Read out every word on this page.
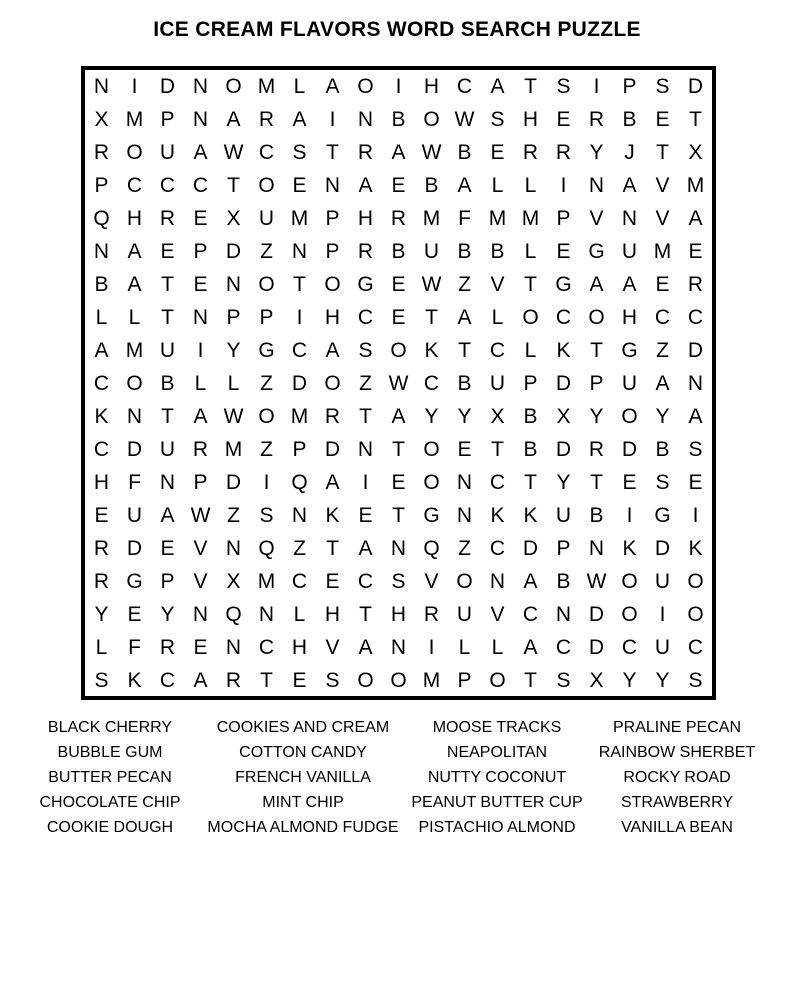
ICE CREAM FLAVORS WORD SEARCH PUZZLE
N	I	D N O M L A O	I	H C A T S	I	P S D
X M P N A R A	I	N B O W S H E R B E T
R O U A W C S T R A W B E R R Y J	T X
P C C C T O E N A E B A L	L	I	N A V M
Q H R E X U M P H R M F M M P V N V A
N A E P D Z N P R B U B B L E G U M E
B A T E N O T O G E W Z V T G A A E R
L	L T N P P	I	H C E T A L O C O H C C
A M U	I	Y G C A S O K T C L K T G Z D
C O B L	L Z D O Z W C B U P D P U A N
K N T A W O M R T A Y Y X B X Y O Y A
C D U R M Z P D N T O E T B D R D B S
H F N P D	I	Q A	I	E O N C T Y T E S E
E U A W Z S N K E T G N K K U B	I	G	I
R D E V N Q Z T A N Q Z C D P N K D K
R G P V X M C E C S V O N A B W O U O
Y E Y N Q N L H T H R U V C N D O	I	O
L F R E N C H V A N	I	L	L A C D C U C
S K C A R T E S O O M P O T S X Y Y S
BLACK CHERRY
BUBBLE GUM
BUTTER PECAN
CHOCOLATE CHIP
COOKIE DOUGH
COOKIES AND CREAM
COTTON CANDY
FRENCH VANILLA
MINT CHIP
MOCHA ALMOND FUDGE
MOOSE TRACKS
NEAPOLITAN
NUTTY COCONUT
PEANUT BUTTER CUP
PISTACHIO ALMOND
PRALINE PECAN
RAINBOW SHERBET
ROCKY ROAD
STRAWBERRY
VANILLA BEAN
